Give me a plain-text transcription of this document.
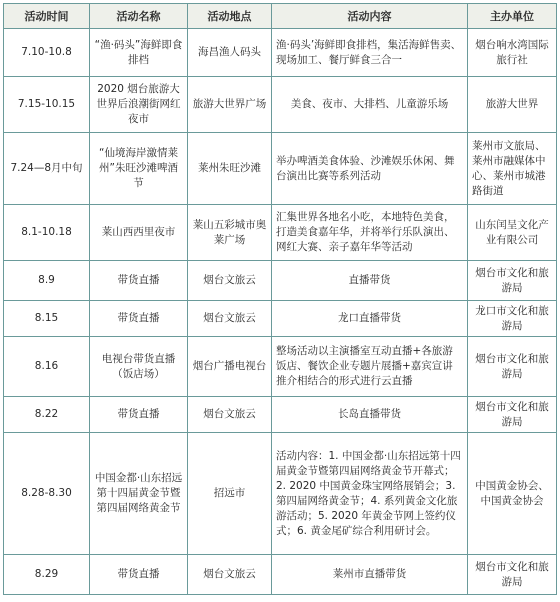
活动时间	活动名称	活动地点	活动内容	主办单位
7.10-10.8	“渔·码头”海鲜即食排档	海昌渔人码头	渔·码头’海鲜即食排档，集活海鲜售卖、现场加工、餐厅鲜食三合一	烟台响水湾国际旅行社
7.15-10.15	2020 烟台旅游大世界后浪潮街网红夜市	旅游大世界广场	美食、夜市、大排档、儿童游乐场	旅游大世界
7.24—8月中旬	“仙境海岸激情莱州”朱旺沙滩啤酒节	莱州朱旺沙滩	举办啤酒美食体验、沙滩娱乐休闲、舞台演出比赛等系列活动	莱州市文旅局、莱州市融媒体中心、莱州市城港路街道
8.1-10.18	莱山西西里夜市	莱山五彩城市奥莱广场	汇集世界各地名小吃，本地特色美食，打造美食嘉年华，并将举行乐队演出、网红大赛、亲子嘉年华等活动	山东闰呈文化产业有限公司
8.9	带货直播	烟台文旅云	直播带货	烟台市文化和旅游局
8.15	带货直播	烟台文旅云	龙口直播带货	龙口市文化和旅游局
8.16	电视台带货直播（饭店场）	烟台广播电视台	整场活动以主演播室互动直播+各旅游饭店、餐饮企业专题片展播+嘉宾宣讲推介相结合的形式进行云直播	烟台市文化和旅游局
8.22	带货直播	烟台文旅云	长岛直播带货	烟台市文化和旅游局
8.28-8.30	中国金都·山东招远第十四届黄金节暨第四届网络黄金节	招远市	活动内容：1. 中国金都·山东招远第十四届黄金节暨第四届网络黄金节开幕式；2. 2020 中国黄金珠宝网络展销会；3. 第四届网络黄金节；4. 系列黄金文化旅游活动；5. 2020 年黄金节网上签约仪式；6. 黄金尾矿综合利用研讨会。	中国黄金协会、中国黄金协会
8.29	带货直播	烟台文旅云	莱州市直播带货	烟台市文化和旅游局
